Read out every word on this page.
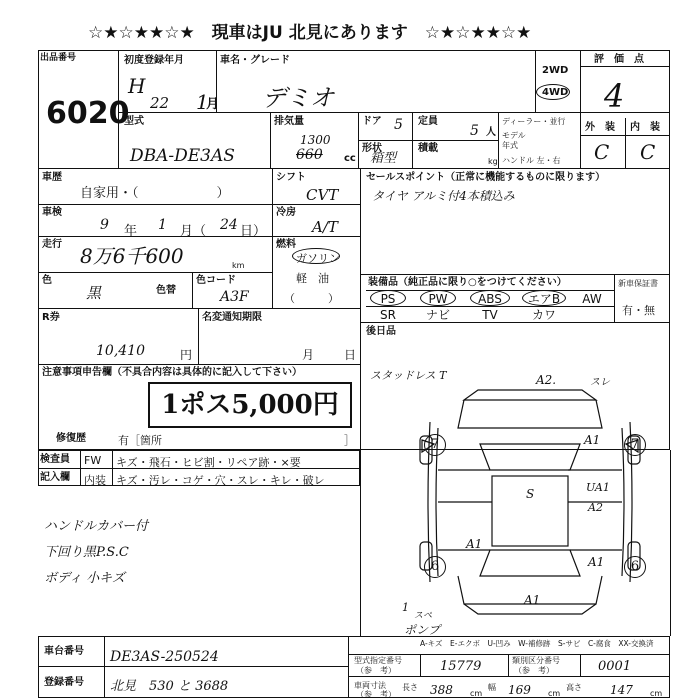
☆★☆★★☆★　現車はJU 北見にあります　☆★☆★★☆★
出品番号
6020
初度登録年月
H
22 1
月
車名・グレード
デミオ
2WD
4WD
評　価　点
4
型式
DBA-DE3AS
排気量
1300
660 cc
ドア 5 定員
5 人
形状
箱型
積載
kg
ディーラー・並行
モデル
年式
ハンドル 左・右
外　装 内　装
C C
車歴
自家用・（　　　　　　）
シフト
CVT
車検
9 年 1 月（ 24 日）
冷房
A/T
走行 8万6千600	km
燃料
ガソリン
軽　油
（　　　）
色
黒	色替
色コード
A3F
セールスポイント（正常に機能するものに限ります）
タイヤ アルミ付4本積込み
装備品（純正品に限り○をつけてください）	新車保証書
有・無
PS	PW	ABS	エアB	AW
SR	ナビ	TV	カワ
R券
10,410	円
名変通知期限
月 日
後日品
スタッドレス T
注意事項申告欄（不具合内容は具体的に記入して下さい）
1ポス5,000円
修復歴	有［箇所	］
検査員
記入欄
FW キズ・飛石・ヒビ割・リペア跡・×要
内装 キズ・汚レ・コゲ・穴・スレ・キレ・破レ
ハンドルカバー付
下回り黒P.S.C
ボディ 小キズ
A2.	スレ
A1
UA1
A2
S
A1
A1
A1
7	7
6	6
1
スペ
ポンプ
A-キズ　E-エクボ　U-凹み　W-補修跡　S-サビ　C-腐食　XX-交換済
車台番号 DE3AS-250524
登録番号 北見　530 と 3688
型式指定番号
（参　考）	15779	類別区分番号
（参　考）	0001
車両寸法
（参　考）
長さ 388 cm
幅 169 cm
高さ 147 cm
